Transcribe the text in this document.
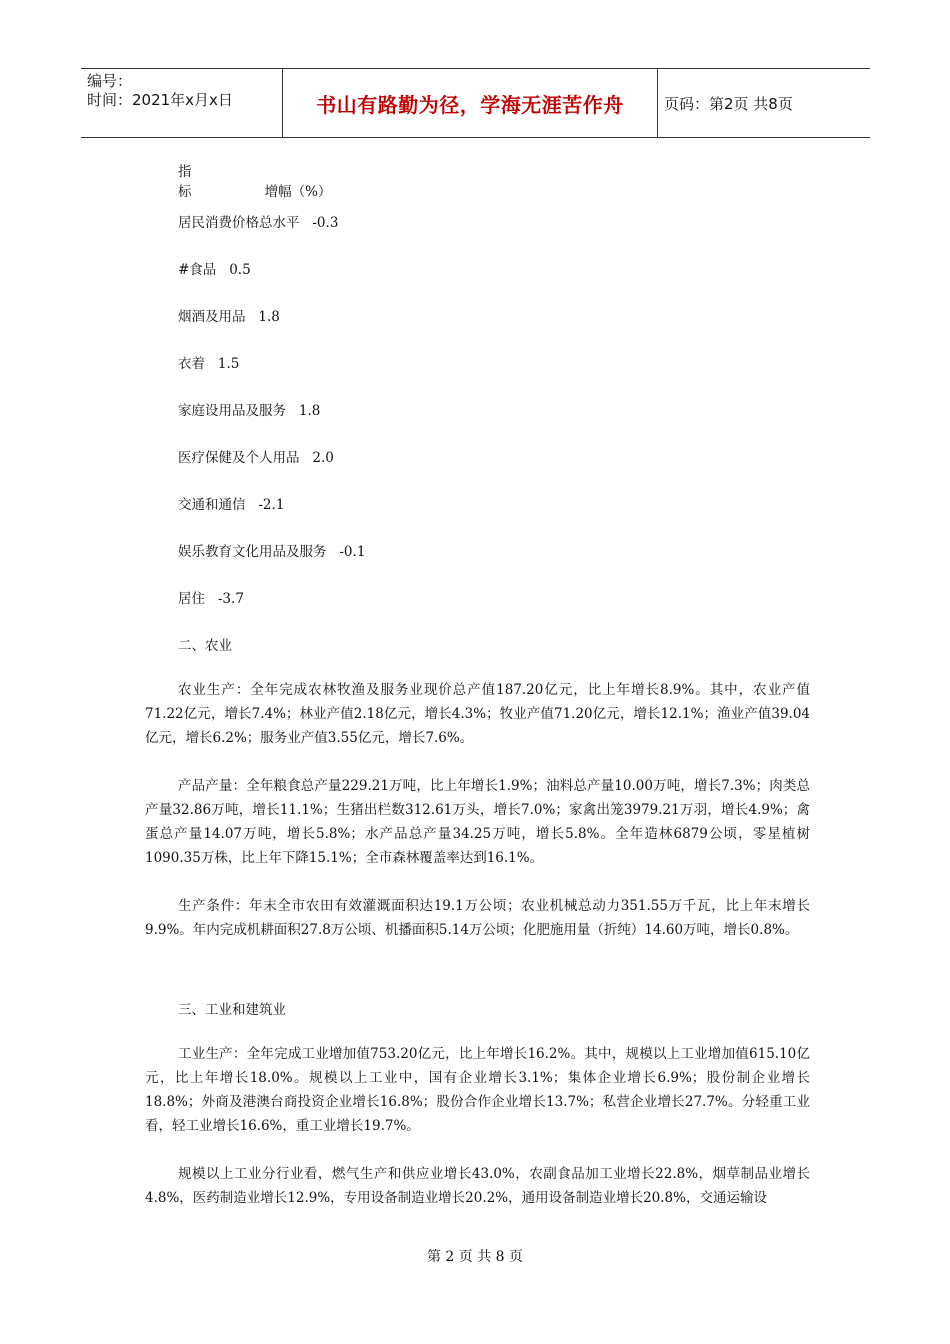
编号：
时间：2021年x月x日	书山有路勤为径，学海无涯苦作舟	页码：第2页 共8页
指　　标	增幅（%）
居民消费价格总水平 -0.3
#食品 0.5
烟酒及用品 1.8
衣着 1.5
家庭设用品及服务 1.8
医疗保健及个人用品 2.0
交通和通信 -2.1
娱乐教育文化用品及服务 -0.1
居住 -3.7
二、农业
农业生产：全年完成农林牧渔及服务业现价总产值187.20亿元，比上年增长8.9%。其中，农业产值71.22亿元，增长7.4%；林业产值2.18亿元，增长4.3%；牧业产值71.20亿元，增长12.1%；渔业产值39.04亿元，增长6.2%；服务业产值3.55亿元，增长7.6%。
产品产量：全年粮食总产量229.21万吨，比上年增长1.9%；油料总产量10.00万吨，增长7.3%；肉类总产量32.86万吨，增长11.1%；生猪出栏数312.61万头，增长7.0%；家禽出笼3979.21万羽，增长4.9%；禽蛋总产量14.07万吨，增长5.8%；水产品总产量34.25万吨，增长5.8%。全年造林6879公顷，零星植树1090.35万株，比上年下降15.1%；全市森林覆盖率达到16.1%。
生产条件：年末全市农田有效灌溉面积达19.1万公顷；农业机械总动力351.55万千瓦，比上年末增长9.9%。年内完成机耕面积27.8万公顷、机播面积5.14万公顷；化肥施用量（折纯）14.60万吨，增长0.8%。
三、工业和建筑业
工业生产：全年完成工业增加值753.20亿元，比上年增长16.2%。其中，规模以上工业增加值615.10亿元，比上年增长18.0%。规模以上工业中，国有企业增长3.1%；集体企业增长6.9%；股份制企业增长18.8%；外商及港澳台商投资企业增长16.8%；股份合作企业增长13.7%；私营企业增长27.7%。分轻重工业看，轻工业增长16.6%，重工业增长19.7%。
规模以上工业分行业看，燃气生产和供应业增长43.0%，农副食品加工业增长22.8%，烟草制品业增长4.8%，医药制造业增长12.9%，专用设备制造业增长20.2%，通用设备制造业增长20.8%，交通运输设
第 2 页 共 8 页
